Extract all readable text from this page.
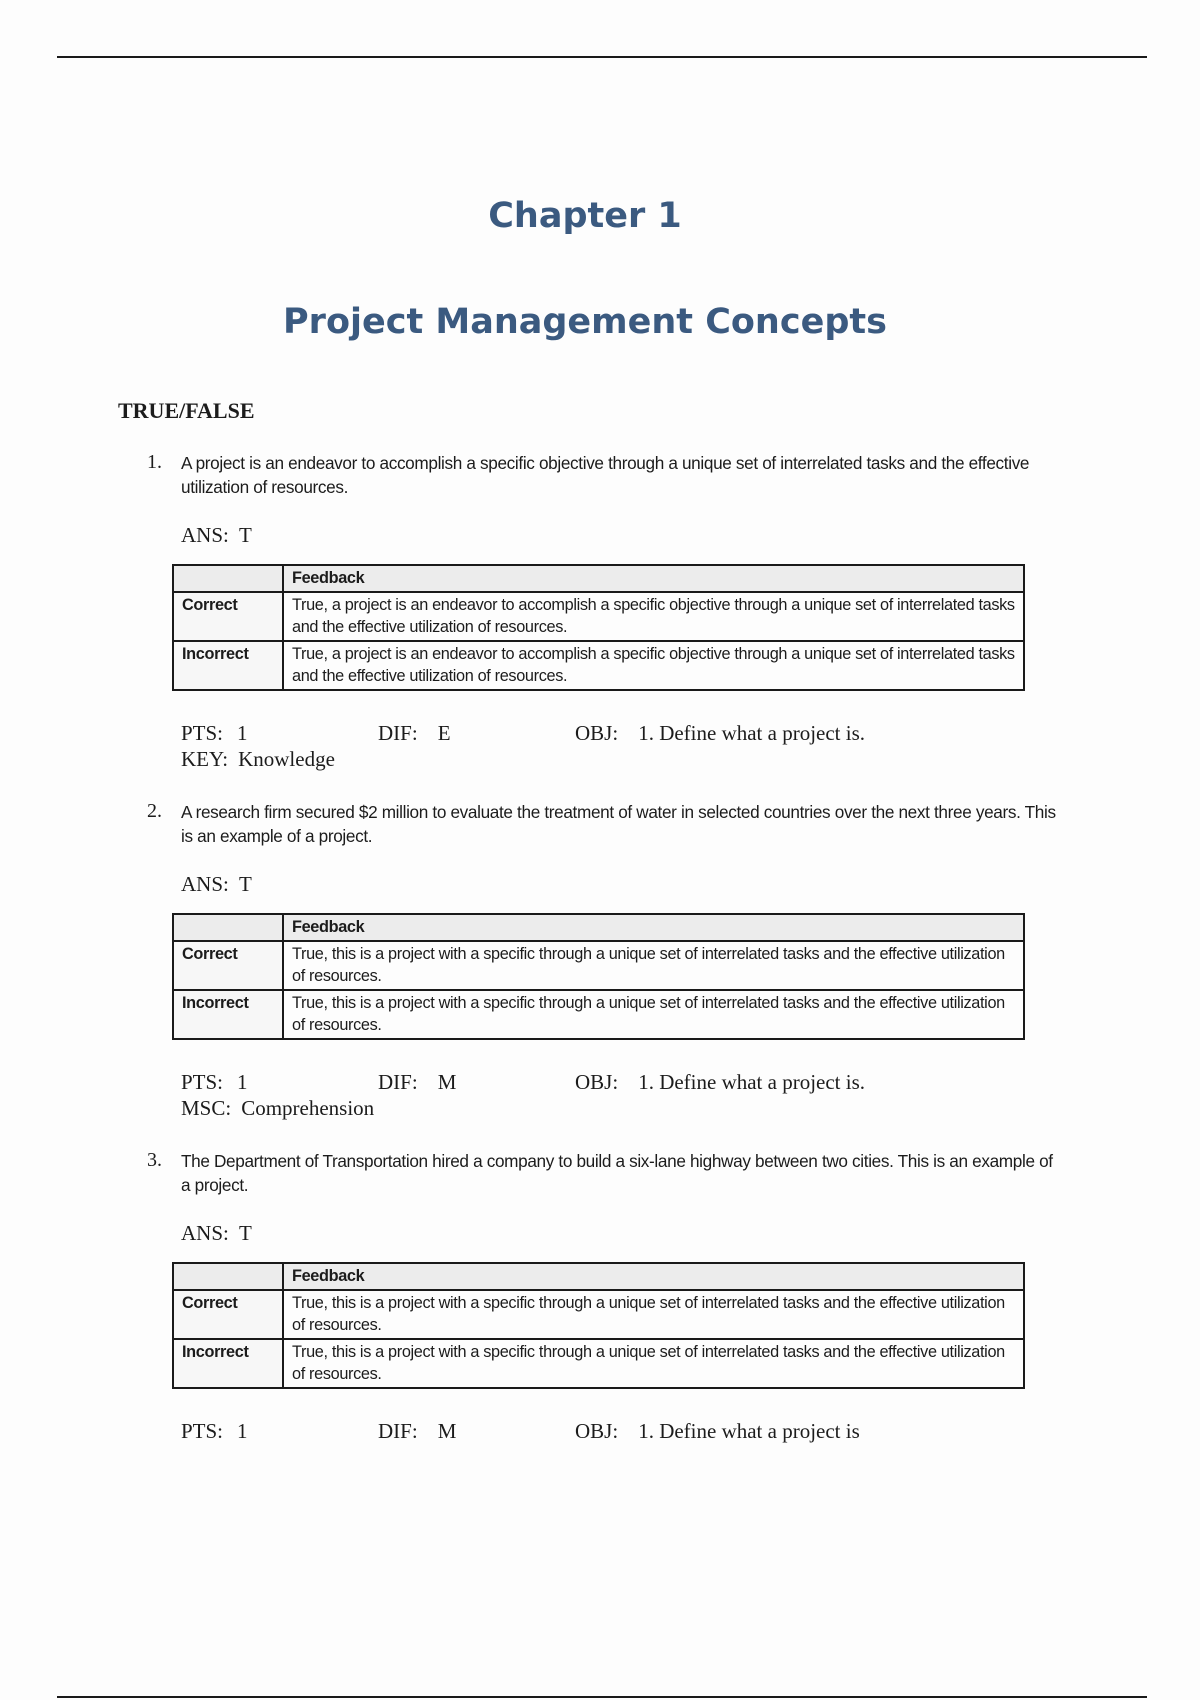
Chapter 1
Project Management Concepts
TRUE/FALSE
1. A project is an endeavor to accomplish a specific objective through a unique set of interrelated tasks and the effective utilization of resources.
ANS: T
	Feedback
Correct	True, a project is an endeavor to accomplish a specific objective through a unique set of interrelated tasks and the effective utilization of resources.
Incorrect	True, a project is an endeavor to accomplish a specific objective through a unique set of interrelated tasks and the effective utilization of resources.
PTS: 1	DIF: E	OBJ: 1. Define what a project is.
KEY: Knowledge
2. A research firm secured $2 million to evaluate the treatment of water in selected countries over the next three years. This is an example of a project.
ANS: T
	Feedback
Correct	True, this is a project with a specific through a unique set of interrelated tasks and the effective utilization of resources.
Incorrect	True, this is a project with a specific through a unique set of interrelated tasks and the effective utilization of resources.
PTS: 1	DIF: M	OBJ: 1. Define what a project is.
MSC: Comprehension
3. The Department of Transportation hired a company to build a six-lane highway between two cities. This is an example of a project.
ANS: T
	Feedback
Correct	True, this is a project with a specific through a unique set of interrelated tasks and the effective utilization of resources.
Incorrect	True, this is a project with a specific through a unique set of interrelated tasks and the effective utilization of resources.
PTS: 1	DIF: M	OBJ: 1. Define what a project is
